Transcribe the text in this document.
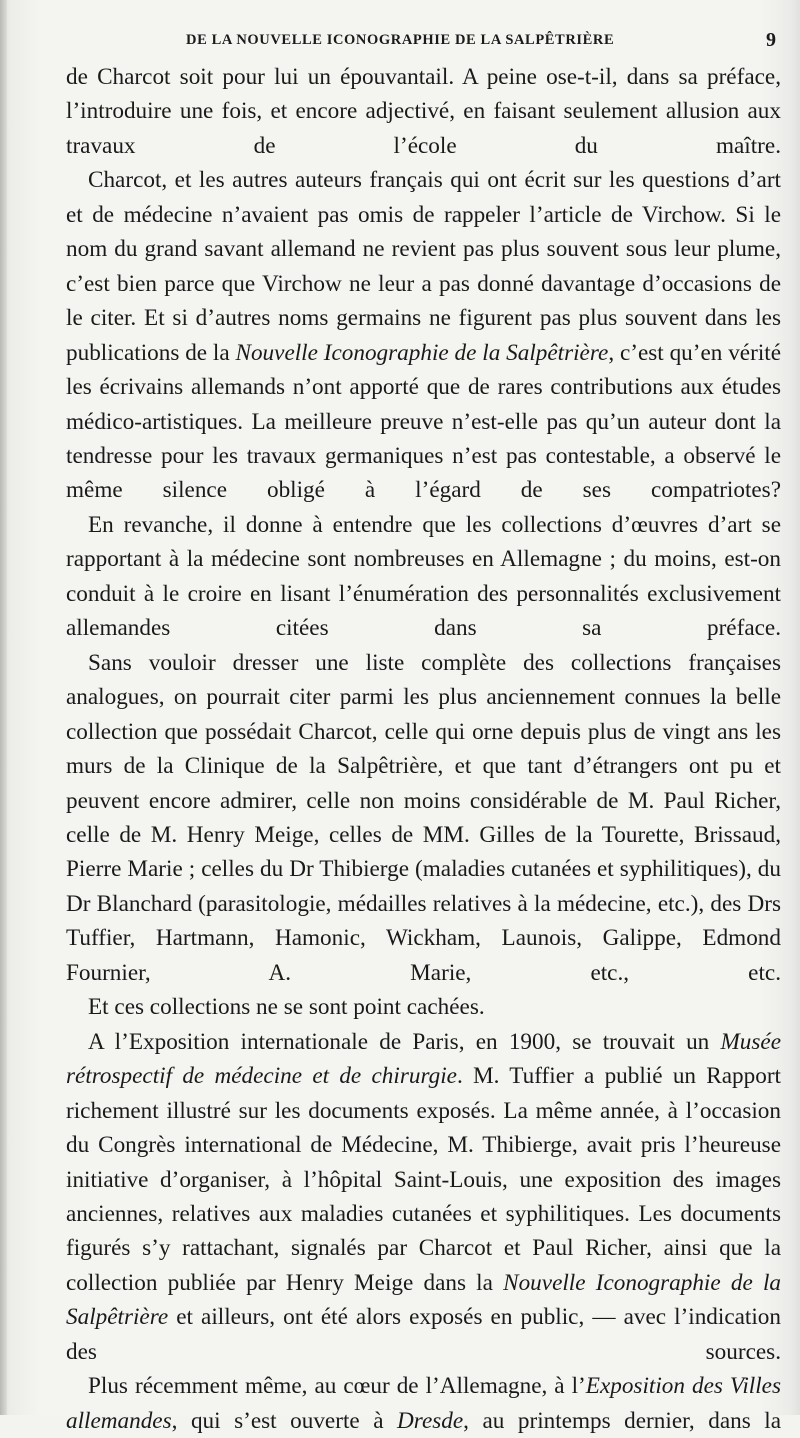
DE LA NOUVELLE ICONOGRAPHIE DE LA SALPÊTRIÈRE	9

de Charcot soit pour lui un épouvantail. A peine ose-t-il, dans sa préface, l’introduire une fois, et encore adjectivé, en faisant seulement allusion aux travaux de l’école du maître.

Charcot, et les autres auteurs français qui ont écrit sur les questions d’art et de médecine n’avaient pas omis de rappeler l’article de Virchow. Si le nom du grand savant allemand ne revient pas plus souvent sous leur plume, c’est bien parce que Virchow ne leur a pas donné davantage d’occasions de le citer. Et si d’autres noms germains ne figurent pas plus souvent dans les publications de la Nouvelle Iconographie de la Salpêtrière, c’est qu’en vérité les écrivains allemands n’ont apporté que de rares contributions aux études médico-artistiques. La meilleure preuve n’est-elle pas qu’un auteur dont la tendresse pour les travaux germaniques n’est pas contestable, a observé le même silence obligé à l’égard de ses compatriotes?

En revanche, il donne à entendre que les collections d’œuvres d’art se rapportant à la médecine sont nombreuses en Allemagne ; du moins, est-on conduit à le croire en lisant l’énumération des personnalités exclusivement allemandes citées dans sa préface.

Sans vouloir dresser une liste complète des collections françaises analogues, on pourrait citer parmi les plus anciennement connues la belle collection que possédait Charcot, celle qui orne depuis plus de vingt ans les murs de la Clinique de la Salpêtrière, et que tant d’étrangers ont pu et peuvent encore admirer, celle non moins considérable de M. Paul Richer, celle de M. Henry Meige, celles de MM. Gilles de la Tourette, Brissaud, Pierre Marie ; celles du Dr Thibierge (maladies cutanées et syphilitiques), du Dr Blanchard (parasitologie, médailles relatives à la médecine, etc.), des Drs Tuffier, Hartmann, Hamonic, Wickham, Launois, Galippe, Edmond Fournier, A. Marie, etc., etc.

Et ces collections ne se sont point cachées.

A l’Exposition internationale de Paris, en 1900, se trouvait un Musée rétrospectif de médecine et de chirurgie. M. Tuffier a publié un Rapport richement illustré sur les documents exposés. La même année, à l’occasion du Congrès international de Médecine, M. Thibierge, avait pris l’heureuse initiative d’organiser, à l’hôpital Saint-Louis, une exposition des images anciennes, relatives aux maladies cutanées et syphilitiques. Les documents figurés s’y rattachant, signalés par Charcot et Paul Richer, ainsi que la collection publiée par Henry Meige dans la Nouvelle Iconographie de la Salpêtrière et ailleurs, ont été alors exposés en public, — avec l’indication des sources.

Plus récemment même, au cœur de l’Allemagne, à l’Exposition des Villes allemandes, qui s’est ouverte à Dresde, au printemps dernier, dans la
